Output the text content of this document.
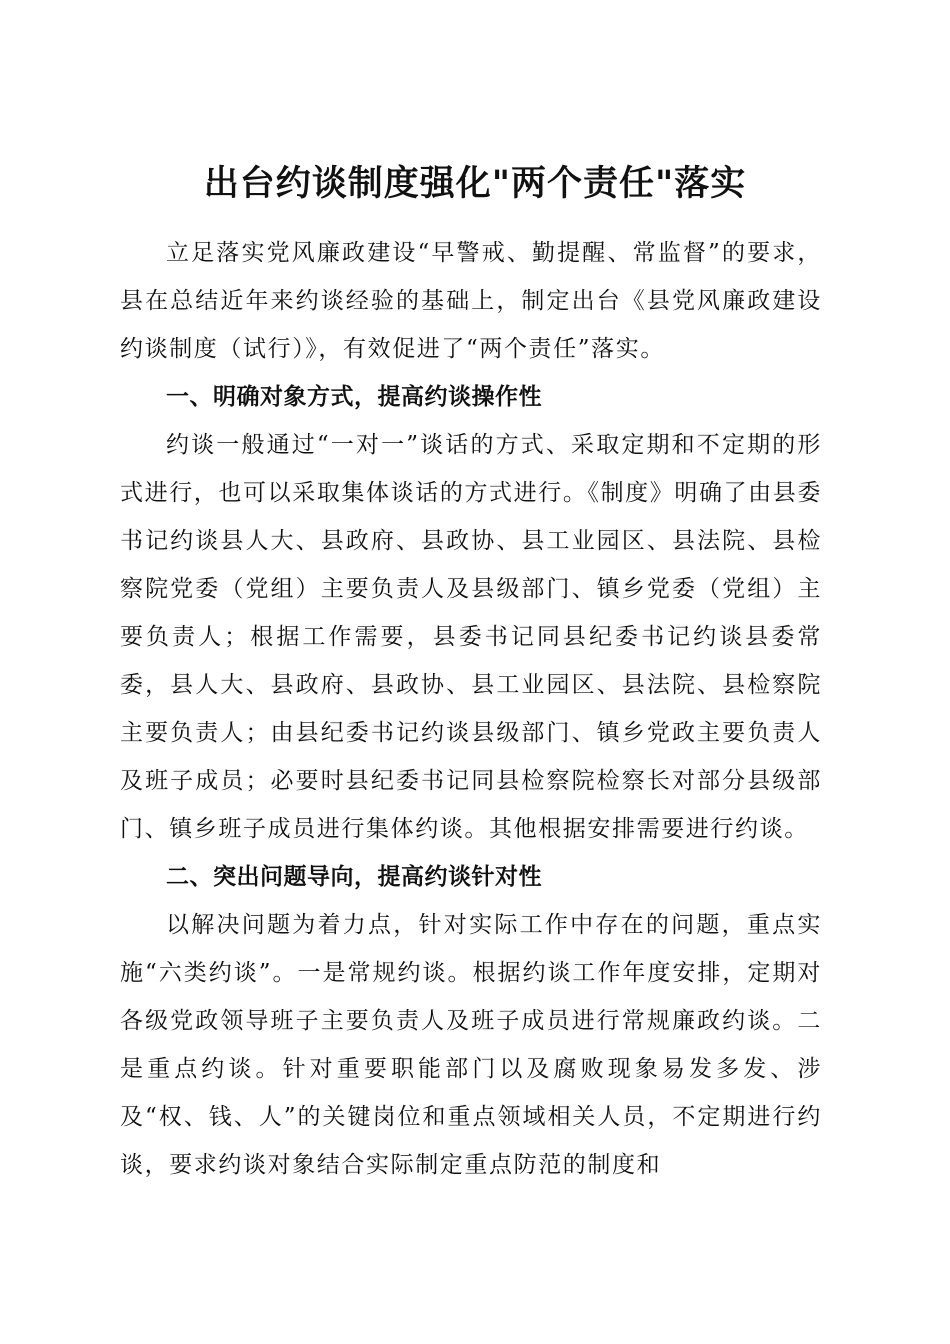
出台约谈制度强化"两个责任"落实

立足落实党风廉政建设“早警戒、勤提醒、常监督”的要求，县在总结近年来约谈经验的基础上，制定出台《县党风廉政建设约谈制度（试行）》，有效促进了“两个责任”落实。

一、明确对象方式，提高约谈操作性

约谈一般通过“一对一”谈话的方式、采取定期和不定期的形式进行，也可以采取集体谈话的方式进行。《制度》明确了由县委书记约谈县人大、县政府、县政协、县工业园区、县法院、县检察院党委（党组）主要负责人及县级部门、镇乡党委（党组）主要负责人；根据工作需要，县委书记同县纪委书记约谈县委常委，县人大、县政府、县政协、县工业园区、县法院、县检察院主要负责人；由县纪委书记约谈县级部门、镇乡党政主要负责人及班子成员；必要时县纪委书记同县检察院检察长对部分县级部门、镇乡班子成员进行集体约谈。其他根据安排需要进行约谈。

二、突出问题导向，提高约谈针对性

以解决问题为着力点，针对实际工作中存在的问题，重点实施“六类约谈”。一是常规约谈。根据约谈工作年度安排，定期对各级党政领导班子主要负责人及班子成员进行常规廉政约谈。二是重点约谈。针对重要职能部门以及腐败现象易发多发、涉及“权、钱、人”的关键岗位和重点领域相关人员，不定期进行约谈，要求约谈对象结合实际制定重点防范的制度和
